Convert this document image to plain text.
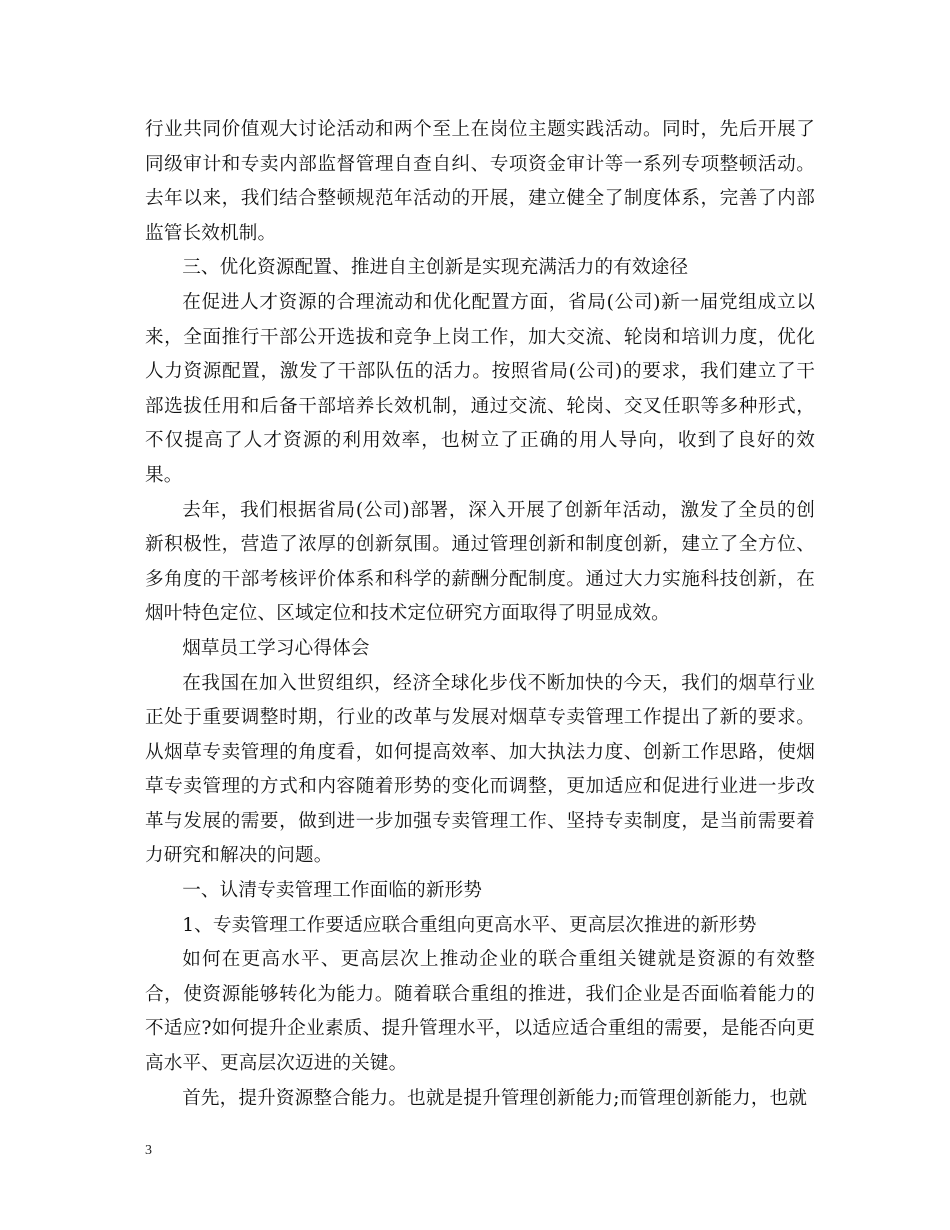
行业共同价值观大讨论活动和两个至上在岗位主题实践活动。同时，先后开展了同级审计和专卖内部监督管理自查自纠、专项资金审计等一系列专项整顿活动。去年以来，我们结合整顿规范年活动的开展，建立健全了制度体系，完善了内部监管长效机制。

三、优化资源配置、推进自主创新是实现充满活力的有效途径

在促进人才资源的合理流动和优化配置方面，省局(公司)新一届党组成立以来，全面推行干部公开选拔和竞争上岗工作，加大交流、轮岗和培训力度，优化人力资源配置，激发了干部队伍的活力。按照省局(公司)的要求，我们建立了干部选拔任用和后备干部培养长效机制，通过交流、轮岗、交叉任职等多种形式，不仅提高了人才资源的利用效率，也树立了正确的用人导向，收到了良好的效果。

去年，我们根据省局(公司)部署，深入开展了创新年活动，激发了全员的创新积极性，营造了浓厚的创新氛围。通过管理创新和制度创新，建立了全方位、多角度的干部考核评价体系和科学的薪酬分配制度。通过大力实施科技创新，在烟叶特色定位、区域定位和技术定位研究方面取得了明显成效。

烟草员工学习心得体会

在我国在加入世贸组织，经济全球化步伐不断加快的今天，我们的烟草行业正处于重要调整时期，行业的改革与发展对烟草专卖管理工作提出了新的要求。从烟草专卖管理的角度看，如何提高效率、加大执法力度、创新工作思路，使烟草专卖管理的方式和内容随着形势的变化而调整，更加适应和促进行业进一步改革与发展的需要，做到进一步加强专卖管理工作、坚持专卖制度，是当前需要着力研究和解决的问题。

一、认清专卖管理工作面临的新形势

1、专卖管理工作要适应联合重组向更高水平、更高层次推进的新形势

如何在更高水平、更高层次上推动企业的联合重组关键就是资源的有效整合，使资源能够转化为能力。随着联合重组的推进，我们企业是否面临着能力的不适应?如何提升企业素质、提升管理水平，以适应适合重组的需要，是能否向更高水平、更高层次迈进的关键。

首先，提升资源整合能力。也就是提升管理创新能力;而管理创新能力，也就

3
